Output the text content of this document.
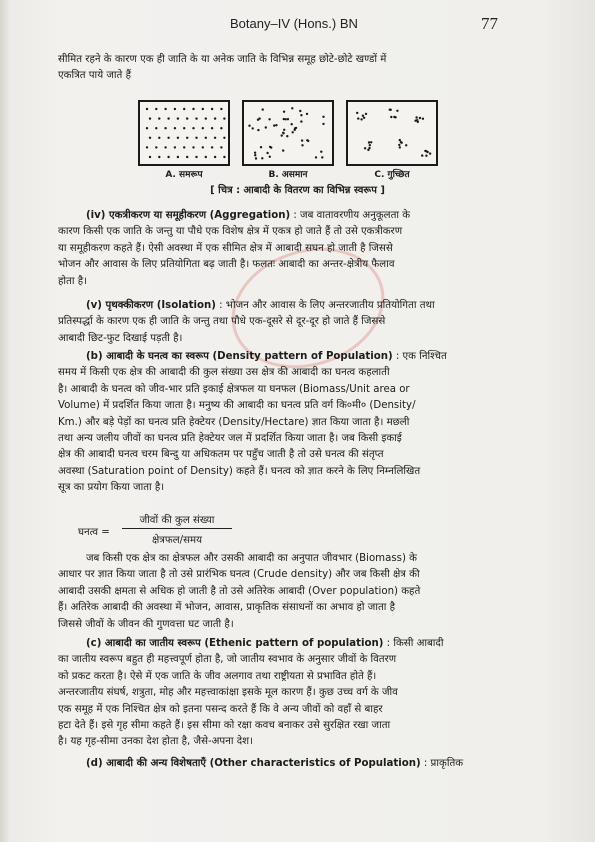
Botany–IV (Hons.) BN	77
सीमित रहने के कारण एक ही जाति के या अनेक जाति के विभिन्न समूह छोटे-छोटे खण्डों में
एकत्रित पाये जाते हैं
A. समरूप	B. असमान	C. गुच्छित
[ चित्र : आबादी के वितरण का विभिन्न स्वरूप ]
(iv) एकत्रीकरण या समूहीकरण (Aggregation) : जब वातावरणीय अनुकूलता के
कारण किसी एक जाति के जन्तु या पौधे एक विशेष क्षेत्र में एकत्र हो जाते हैं तो उसे एकत्रीकरण
या समूहीकरण कहते हैं। ऐसी अवस्था में एक सीमित क्षेत्र में आबादी सघन हो जाती है जिससे
भोजन और आवास के लिए प्रतियोगिता बढ़ जाती है। फलतः आबादी का अन्तर-क्षेत्रीय फैलाव
होता है।
(v) पृथक्कीकरण (Isolation) : भोजन और आवास के लिए अन्तरजातीय प्रतियोगिता तथा
प्रतिस्पर्द्धा के कारण एक ही जाति के जन्तु तथा पौधे एक-दूसरे से दूर-दूर हो जाते हैं जिससे
आबादी छिट-फुट दिखाई पड़ती है।
(b) आबादी के घनत्व का स्वरूप (Density pattern of Population) : एक निश्चित
समय में किसी एक क्षेत्र की आबादी की कुल संख्या उस क्षेत्र की आबादी का घनत्व कहलाती
है। आबादी के घनत्व को जीव-भार प्रति इकाई क्षेत्रफल या घनफल (Biomass/Unit area or
Volume) में प्रदर्शित किया जाता है। मनुष्य की आबादी का घनत्व प्रति वर्ग कि०मी० (Density/
Km.) और बड़े पेड़ों का घनत्व प्रति हेक्टेयर (Density/Hectare) ज्ञात किया जाता है। मछली
तथा अन्य जलीय जीवों का घनत्व प्रति हेक्टेयर जल में प्रदर्शित किया जाता है। जब किसी इकाई
क्षेत्र की आबादी घनत्व चरम बिन्दु या अधिकतम पर पहुँच जाती है तो उसे घनत्व की संतृप्त
अवस्था (Saturation point of Density) कहते हैं। घनत्व को ज्ञात करने के लिए निम्नलिखित
सूत्र का प्रयोग किया जाता है।
घनत्व =
जीवों की कुल संख्या
क्षेत्रफल/समय
जब किसी एक क्षेत्र का क्षेत्रफल और उसकी आबादी का अनुपात जीवभार (Biomass) के
आधार पर ज्ञात किया जाता है तो उसे प्रारंभिक घनत्व (Crude density) और जब किसी क्षेत्र की
आबादी उसकी क्षमता से अधिक हो जाती है तो उसे अतिरेक आबादी (Over population) कहते
हैं। अतिरेक आबादी की अवस्था में भोजन, आवास, प्राकृतिक संसाधनों का अभाव हो जाता है
जिससे जीवों के जीवन की गुणवत्ता घट जाती है।
(c) आबादी का जातीय स्वरूप (Ethenic pattern of population) : किसी आबादी
का जातीय स्वरूप बहुत ही महत्त्वपूर्ण होता है, जो जातीय स्वभाव के अनुसार जीवों के वितरण
को प्रकट करता है। ऐसे में एक जाति के जीव अलगाव तथा राष्ट्रीयता से प्रभावित होते हैं।
अन्तरजातीय संघर्ष, शत्रुता, मोह और महत्त्वाकांक्षा इसके मूल कारण हैं। कुछ उच्च वर्ग के जीव
एक समूह में एक निश्चित क्षेत्र को इतना पसन्द करते हैं कि वे अन्य जीवों को वहाँ से बाहर
हटा देते हैं। इसे गृह सीमा कहते हैं। इस सीमा को रक्षा कवच बनाकर उसे सुरक्षित रखा जाता
है। यह गृह-सीमा उनका देश होता है, जैसे-अपना देश।
(d) आबादी की अन्य विशेषताएँ (Other characteristics of Population) : प्राकृतिक
